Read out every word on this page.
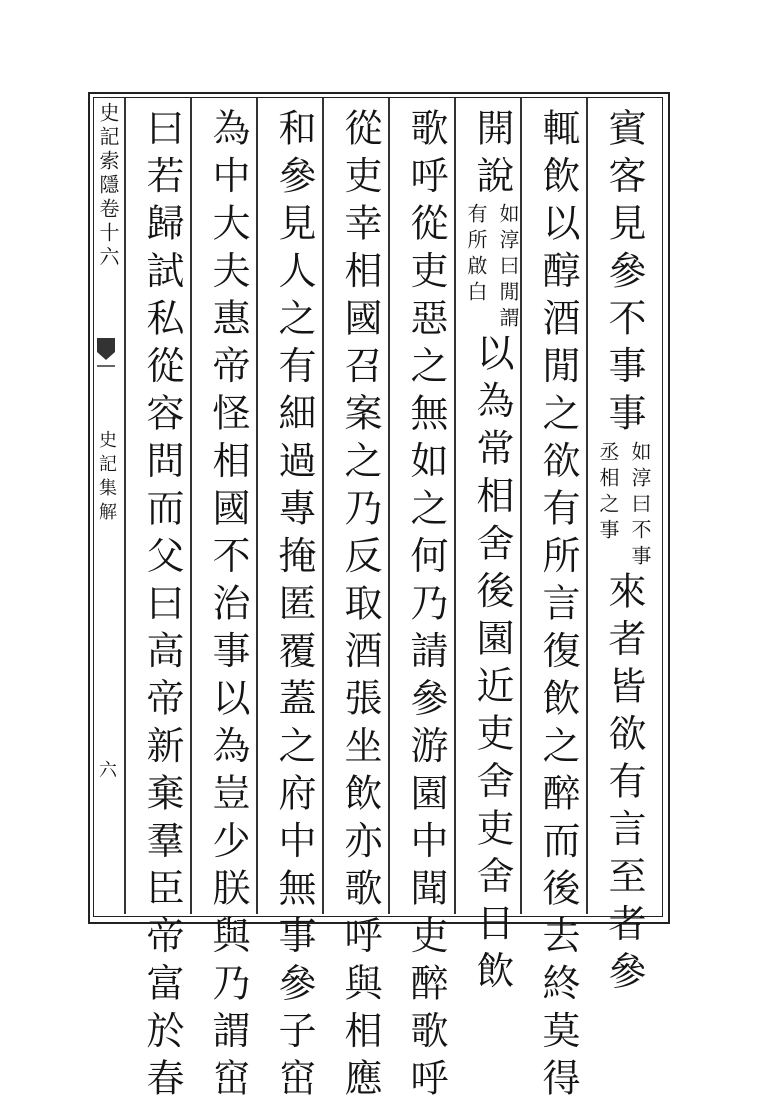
史記索隱卷十六
史記集解
六
賓客見參不事事
如淳曰不事
丞相之事
來者皆欲有言至者參
輒飲以醇酒閒之欲有所言復飲之醉而後去終莫得
開說
如淳曰閒謂
有所啟白
以為常相舍後園近吏舍吏舍日飲
歌呼從吏惡之無如之何乃請參游園中聞吏醉歌呼
從吏幸相國召案之乃反取酒張坐飲亦歌呼與相應
和參見人之有細過專掩匿覆蓋之府中無事參子窋
為中大夫惠帝怪相國不治事以為豈少朕與乃謂窋
曰若歸試私從容問而父曰高帝新棄羣臣帝富於春
